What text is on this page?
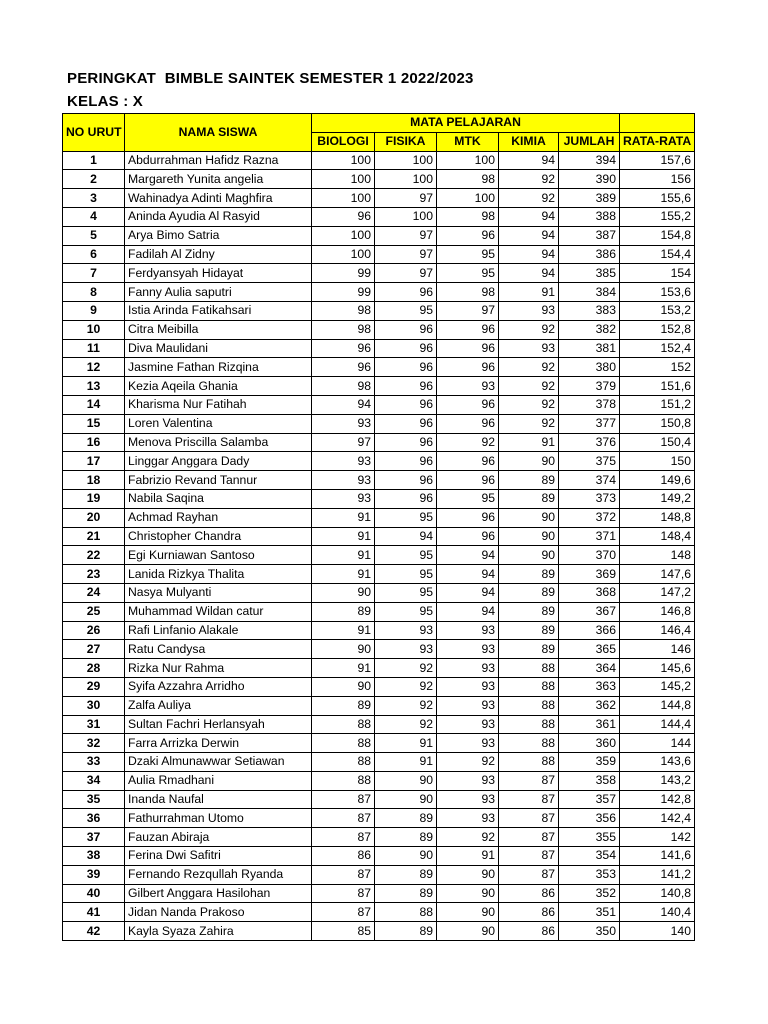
PERINGKAT  BIMBLE SAINTEK SEMESTER 1 2022/2023
KELAS : X
NO URUT	NAMA SISWA	MATA PELAJARAN					
		BIOLOGI	FISIKA	MTK	KIMIA	JUMLAH	RATA-RATA
1	Abdurrahman Hafidz Razna	100	100	100	94	394	157,6
2	Margareth Yunita angelia	100	100	98	92	390	156
3	Wahinadya Adinti Maghfira	100	97	100	92	389	155,6
4	Aninda Ayudia Al Rasyid	96	100	98	94	388	155,2
5	Arya Bimo Satria	100	97	96	94	387	154,8
6	Fadilah Al Zidny	100	97	95	94	386	154,4
7	Ferdyansyah Hidayat	99	97	95	94	385	154
8	Fanny Aulia saputri	99	96	98	91	384	153,6
9	Istia Arinda Fatikahsari	98	95	97	93	383	153,2
10	Citra Meibilla	98	96	96	92	382	152,8
11	Diva Maulidani	96	96	96	93	381	152,4
12	Jasmine Fathan Rizqina	96	96	96	92	380	152
13	Kezia Aqeila Ghania	98	96	93	92	379	151,6
14	Kharisma Nur Fatihah	94	96	96	92	378	151,2
15	Loren Valentina	93	96	96	92	377	150,8
16	Menova Priscilla Salamba	97	96	92	91	376	150,4
17	Linggar Anggara Dady	93	96	96	90	375	150
18	Fabrizio Revand Tannur	93	96	96	89	374	149,6
19	Nabila Saqina	93	96	95	89	373	149,2
20	Achmad Rayhan	91	95	96	90	372	148,8
21	Christopher Chandra	91	94	96	90	371	148,4
22	Egi Kurniawan Santoso	91	95	94	90	370	148
23	Lanida Rizkya Thalita	91	95	94	89	369	147,6
24	Nasya Mulyanti	90	95	94	89	368	147,2
25	Muhammad Wildan catur	89	95	94	89	367	146,8
26	Rafi Linfanio Alakale	91	93	93	89	366	146,4
27	Ratu Candysa	90	93	93	89	365	146
28	Rizka Nur Rahma	91	92	93	88	364	145,6
29	Syifa Azzahra Arridho	90	92	93	88	363	145,2
30	Zalfa Auliya	89	92	93	88	362	144,8
31	Sultan Fachri Herlansyah	88	92	93	88	361	144,4
32	Farra Arrizka Derwin	88	91	93	88	360	144
33	Dzaki Almunawwar Setiawan	88	91	92	88	359	143,6
34	Aulia Rmadhani	88	90	93	87	358	143,2
35	Inanda Naufal	87	90	93	87	357	142,8
36	Fathurrahman Utomo	87	89	93	87	356	142,4
37	Fauzan Abiraja	87	89	92	87	355	142
38	Ferina Dwi Safitri	86	90	91	87	354	141,6
39	Fernando Rezqullah Ryanda	87	89	90	87	353	141,2
40	Gilbert Anggara Hasilohan	87	89	90	86	352	140,8
41	Jidan Nanda Prakoso	87	88	90	86	351	140,4
42	Kayla Syaza Zahira	85	89	90	86	350	140
